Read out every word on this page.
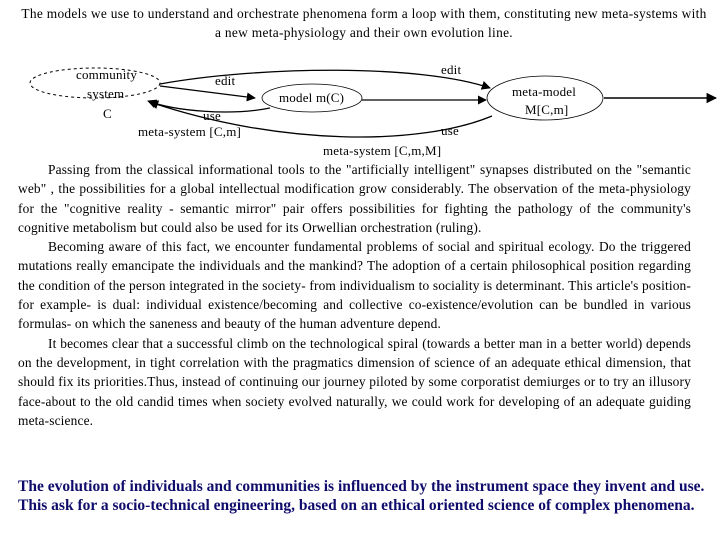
The models we use to understand and orchestrate phenomena form a loop with them, constituting new meta-systems with a new meta-physiology and their own evolution line.
community
system
C
edit
edit
model m(C)	meta-model
M[C,m]
use
use
meta-system [C,m]
meta-system [C,m,M]

Passing from the classical informational tools to the "artificially intelligent" synapses distributed on the "semantic web" , the possibilities for a global intellectual modification grow considerably. The observation of the meta-physiology for the "cognitive reality - semantic mirror" pair offers possibilities for fighting the pathology of the community's cognitive metabolism but could also be used for its Orwellian orchestration (ruling).

Becoming aware of this fact, we encounter fundamental problems of social and spiritual ecology. Do the triggered mutations really emancipate the individuals and the mankind? The adoption of a certain philosophical position regarding the condition of the person integrated in the society- from individualism to sociality is determinant. This article's position- for example- is dual: individual existence/becoming and collective co-existence/evolution can be bundled in various formulas- on which the saneness and beauty of the human adventure depend.

It becomes clear that a successful climb on the technological spiral (towards a better man in a better world) depends on the development, in tight correlation with the pragmatics dimension of science of an adequate ethical dimension, that should fix its priorities.Thus, instead of continuing our journey piloted by some corporatist demiurges or to try an illusory face-about to the old candid times when society evolved naturally, we could work for developing of an adequate guiding meta-science.

The evolution of individuals and communities is influenced by the instrument space they invent and use. This ask for a socio-technical engineering, based on an ethical oriented science of complex phenomena.
